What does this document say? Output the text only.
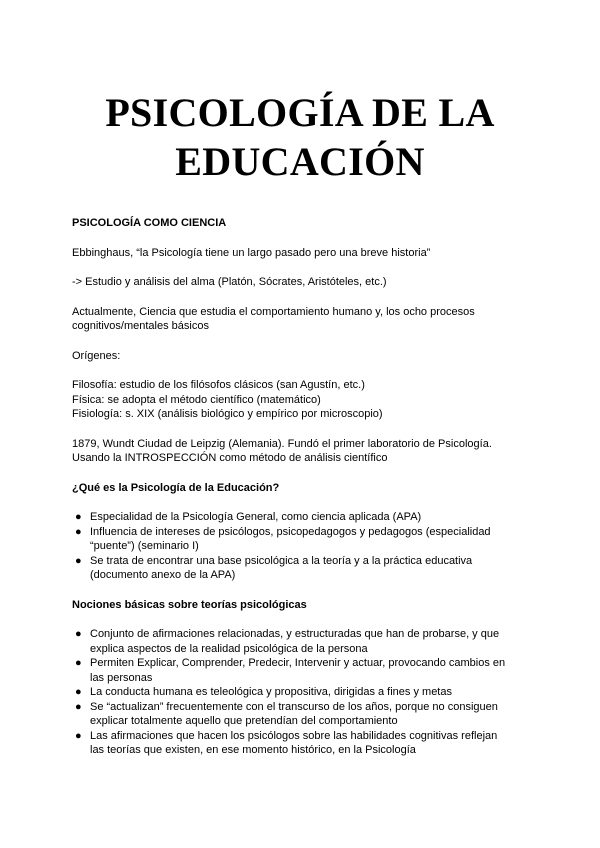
PSICOLOGÍA DE LA
EDUCACIÓN

PSICOLOGÍA COMO CIENCIA

Ebbinghaus, “la Psicología tiene un largo pasado pero una breve historia”

-> Estudio y análisis del alma (Platón, Sócrates, Aristóteles, etc.)

Actualmente, Ciencia que estudia el comportamiento humano y, los ocho procesos

cognitivos/mentales básicos

Orígenes:

Filosofía: estudio de los filósofos clásicos (san Agustín, etc.)

Física: se adopta el método científico (matemático)

Fisiología: s. XIX (análisis biológico y empírico por microscopio)

1879, Wundt Ciudad de Leipzig (Alemania). Fundó el primer laboratorio de Psicología.

Usando la INTROSPECCIÓN como método de análisis científico

¿Qué es la Psicología de la Educación?

● Especialidad de la Psicología General, como ciencia aplicada (APA)
● Influencia de intereses de psicólogos, psicopedagogos y pedagogos (especialidad
“puente”) (seminario I)
● Se trata de encontrar una base psicológica a la teoría y a la práctica educativa
(documento anexo de la APA)

Nociones básicas sobre teorías psicológicas

● Conjunto de afirmaciones relacionadas, y estructuradas que han de probarse, y que
explica aspectos de la realidad psicológica de la persona
● Permiten Explicar, Comprender, Predecir, Intervenir y actuar, provocando cambios en
las personas
● La conducta humana es teleológica y propositiva, dirigidas a fines y metas
● Se “actualizan” frecuentemente con el transcurso de los años, porque no consiguen
explicar totalmente aquello que pretendían del comportamiento
● Las afirmaciones que hacen los psicólogos sobre las habilidades cognitivas reflejan
las teorías que existen, en ese momento histórico, en la Psicología
